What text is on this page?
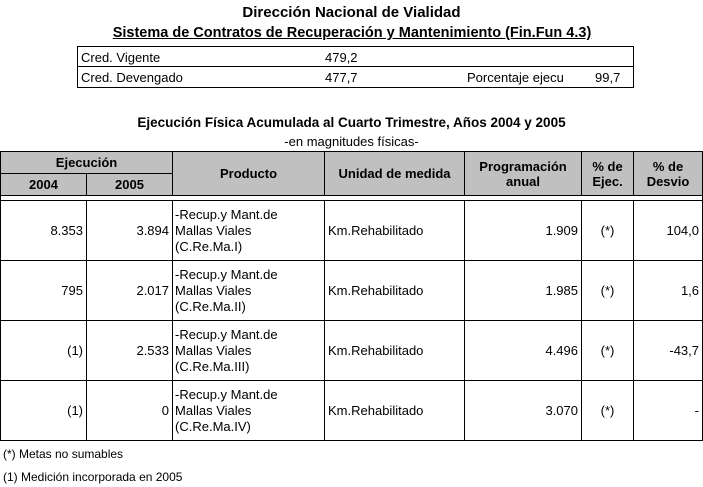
Dirección Nacional de Vialidad
Sistema de Contratos de Recuperación y Mantenimiento (Fin.Fun 4.3)
Cred. Vigente	479,2
Cred. Devengado	477,7	Porcentaje ejecu 99,7
Ejecución Física Acumulada al Cuarto Trimestre, Años 2004 y 2005
-en magnitudes físicas-
Ejecución		Producto	Unidad de medida	Programación anual	% de Ejec.	% de Desvio
2004	2005					

8.353	3.894	-Recup.y Mant.de
Mallas Viales
(C.Re.Ma.I)	Km.Rehabilitado	1.909	(*)	104,0
795	2.017	-Recup.y Mant.de
Mallas Viales
(C.Re.Ma.II)	Km.Rehabilitado	1.985	(*)	1,6
(1)	2.533	-Recup.y Mant.de
Mallas Viales
(C.Re.Ma.III)	Km.Rehabilitado	4.496	(*)	-43,7
(1)	0	-Recup.y Mant.de
Mallas Viales
(C.Re.Ma.IV)	Km.Rehabilitado	3.070	(*)	-
(*) Metas no sumables
(1) Medición incorporada en 2005
